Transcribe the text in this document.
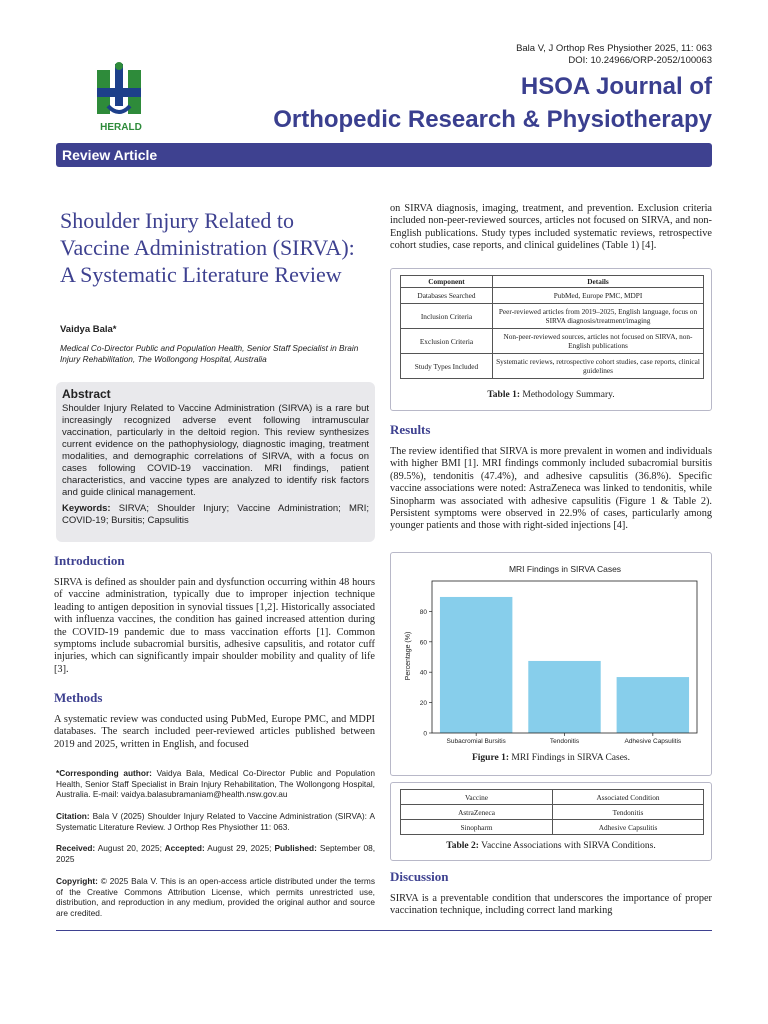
Bala V, J Orthop Res Physiother 2025, 11: 063
DOI: 10.24966/ORP-2052/100063
HERALD
HSOA Journal of
Orthopedic Research & Physiotherapy
Review Article
Shoulder Injury Related to Vaccine Administration (SIRVA): A Systematic Literature Review
Vaidya Bala*
Medical Co-Director Public and Population Health, Senior Staff Specialist in Brain Injury Rehabilitation, The Wollongong Hospital, Australia
Abstract

Shoulder Injury Related to Vaccine Administration (SIRVA) is a rare but increasingly recognized adverse event following intramuscular vaccination, particularly in the deltoid region. This review synthesizes current evidence on the pathophysiology, diagnostic imaging, treatment modalities, and demographic correlations of SIRVA, with a focus on cases following COVID-19 vaccination. MRI findings, patient characteristics, and vaccine types are analyzed to identify risk factors and guide clinical management.

Keywords: SIRVA; Shoulder Injury; Vaccine Administration; MRI; COVID-19; Bursitis; Capsulitis

Introduction
SIRVA is defined as shoulder pain and dysfunction occurring within 48 hours of vaccine administration, typically due to improper injection technique leading to antigen deposition in synovial tissues [1,2]. Historically associated with influenza vaccines, the condition has gained increased attention during the COVID-19 pandemic due to mass vaccination efforts [1]. Common symptoms include subacromial bursitis, adhesive capsulitis, and rotator cuff injuries, which can significantly impair shoulder mobility and quality of life [3].
Methods
A systematic review was conducted using PubMed, Europe PMC, and MDPI databases. The search included peer-reviewed articles published between 2019 and 2025, written in English, and focused
*Corresponding author: Vaidya Bala, Medical Co-Director Public and Population Health, Senior Staff Specialist in Brain Injury Rehabilitation, The Wollongong Hospital, Australia. E-mail: vaidya.balasubramaniam@health.nsw.gov.au
Citation: Bala V (2025) Shoulder Injury Related to Vaccine Administration (SIRVA): A Systematic Literature Review. J Orthop Res Physiother 11: 063.
Received: August 20, 2025; Accepted: August 29, 2025; Published: September 08, 2025
Copyright: © 2025 Bala V. This is an open-access article distributed under the terms of the Creative Commons Attribution License, which permits unrestricted use, distribution, and reproduction in any medium, provided the original author and source are credited.
on SIRVA diagnosis, imaging, treatment, and prevention. Exclusion criteria included non-peer-reviewed sources, articles not focused on SIRVA, and non-English publications. Study types included systematic reviews, retrospective cohort studies, case reports, and clinical guidelines (Table 1) [4].
Component	Details
Databases Searched	PubMed, Europe PMC, MDPI
Inclusion Criteria	Peer-reviewed articles from 2019–2025, English language, focus on SIRVA diagnosis/treatment/imaging
Exclusion Criteria	Non-peer-reviewed sources, articles not focused on SIRVA, non-English publications
Study Types Included	Systematic reviews, retrospective cohort studies, case reports, clinical guidelines
Table 1: Methodology Summary.
Results
The review identified that SIRVA is more prevalent in women and individuals with higher BMI [1]. MRI findings commonly included subacromial bursitis (89.5%), tendonitis (47.4%), and adhesive capsulitis (36.8%). Specific vaccine associations were noted: AstraZeneca was linked to tendonitis, while Sinopharm was associated with adhesive capsulitis (Figure 1 & Table 2). Persistent symptoms were observed in 22.9% of cases, particularly among younger patients and those with right-sided injections [4].
MRI Findings in SIRVA Cases
Subacromial Bursitis	Tendonitis	Adhesive Capsulitis
0
20
40
60
80
Percentage (%)
Figure 1: MRI Findings in SIRVA Cases.
Vaccine	Associated Condition
AstraZeneca	Tendonitis
Sinopharm	Adhesive Capsulitis
Table 2: Vaccine Associations with SIRVA Conditions.
Discussion
SIRVA is a preventable condition that underscores the importance of proper vaccination technique, including correct land marking
